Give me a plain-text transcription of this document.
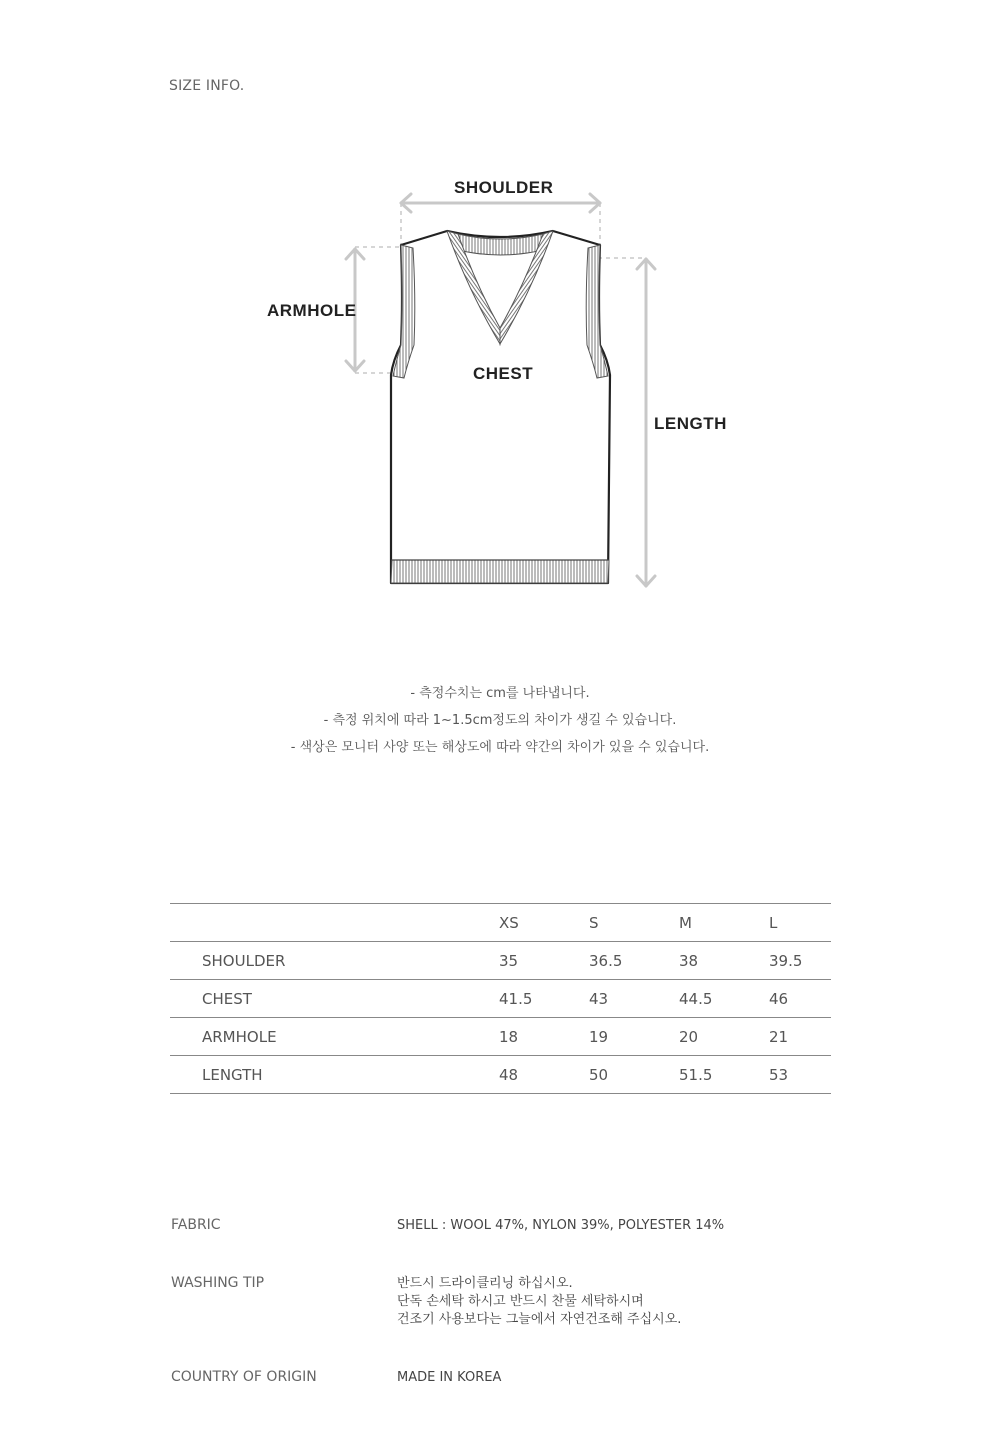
SIZE INFO.
SHOULDER
ARMHOLE
CHEST
LENGTH
- 측정수치는 cm를 나타냅니다.
- 측정 위치에 따라 1~1.5cm정도의 차이가 생길 수 있습니다.
- 색상은 모니터 사양 또는 해상도에 따라 약간의 차이가 있을 수 있습니다.
	XS	S	M	L
SHOULDER	35	36.5	38	39.5
CHEST	41.5	43	44.5	46
ARMHOLE	18	19	20	21
LENGTH	48	50	51.5	53
FABRIC	SHELL : WOOL 47%, NYLON 39%, POLYESTER 14%
WASHING TIP	반드시 드라이클리닝 하십시오.
단독 손세탁 하시고 반드시 찬물 세탁하시며
건조기 사용보다는 그늘에서 자연건조해 주십시오.
COUNTRY OF ORIGIN	MADE IN KOREA
